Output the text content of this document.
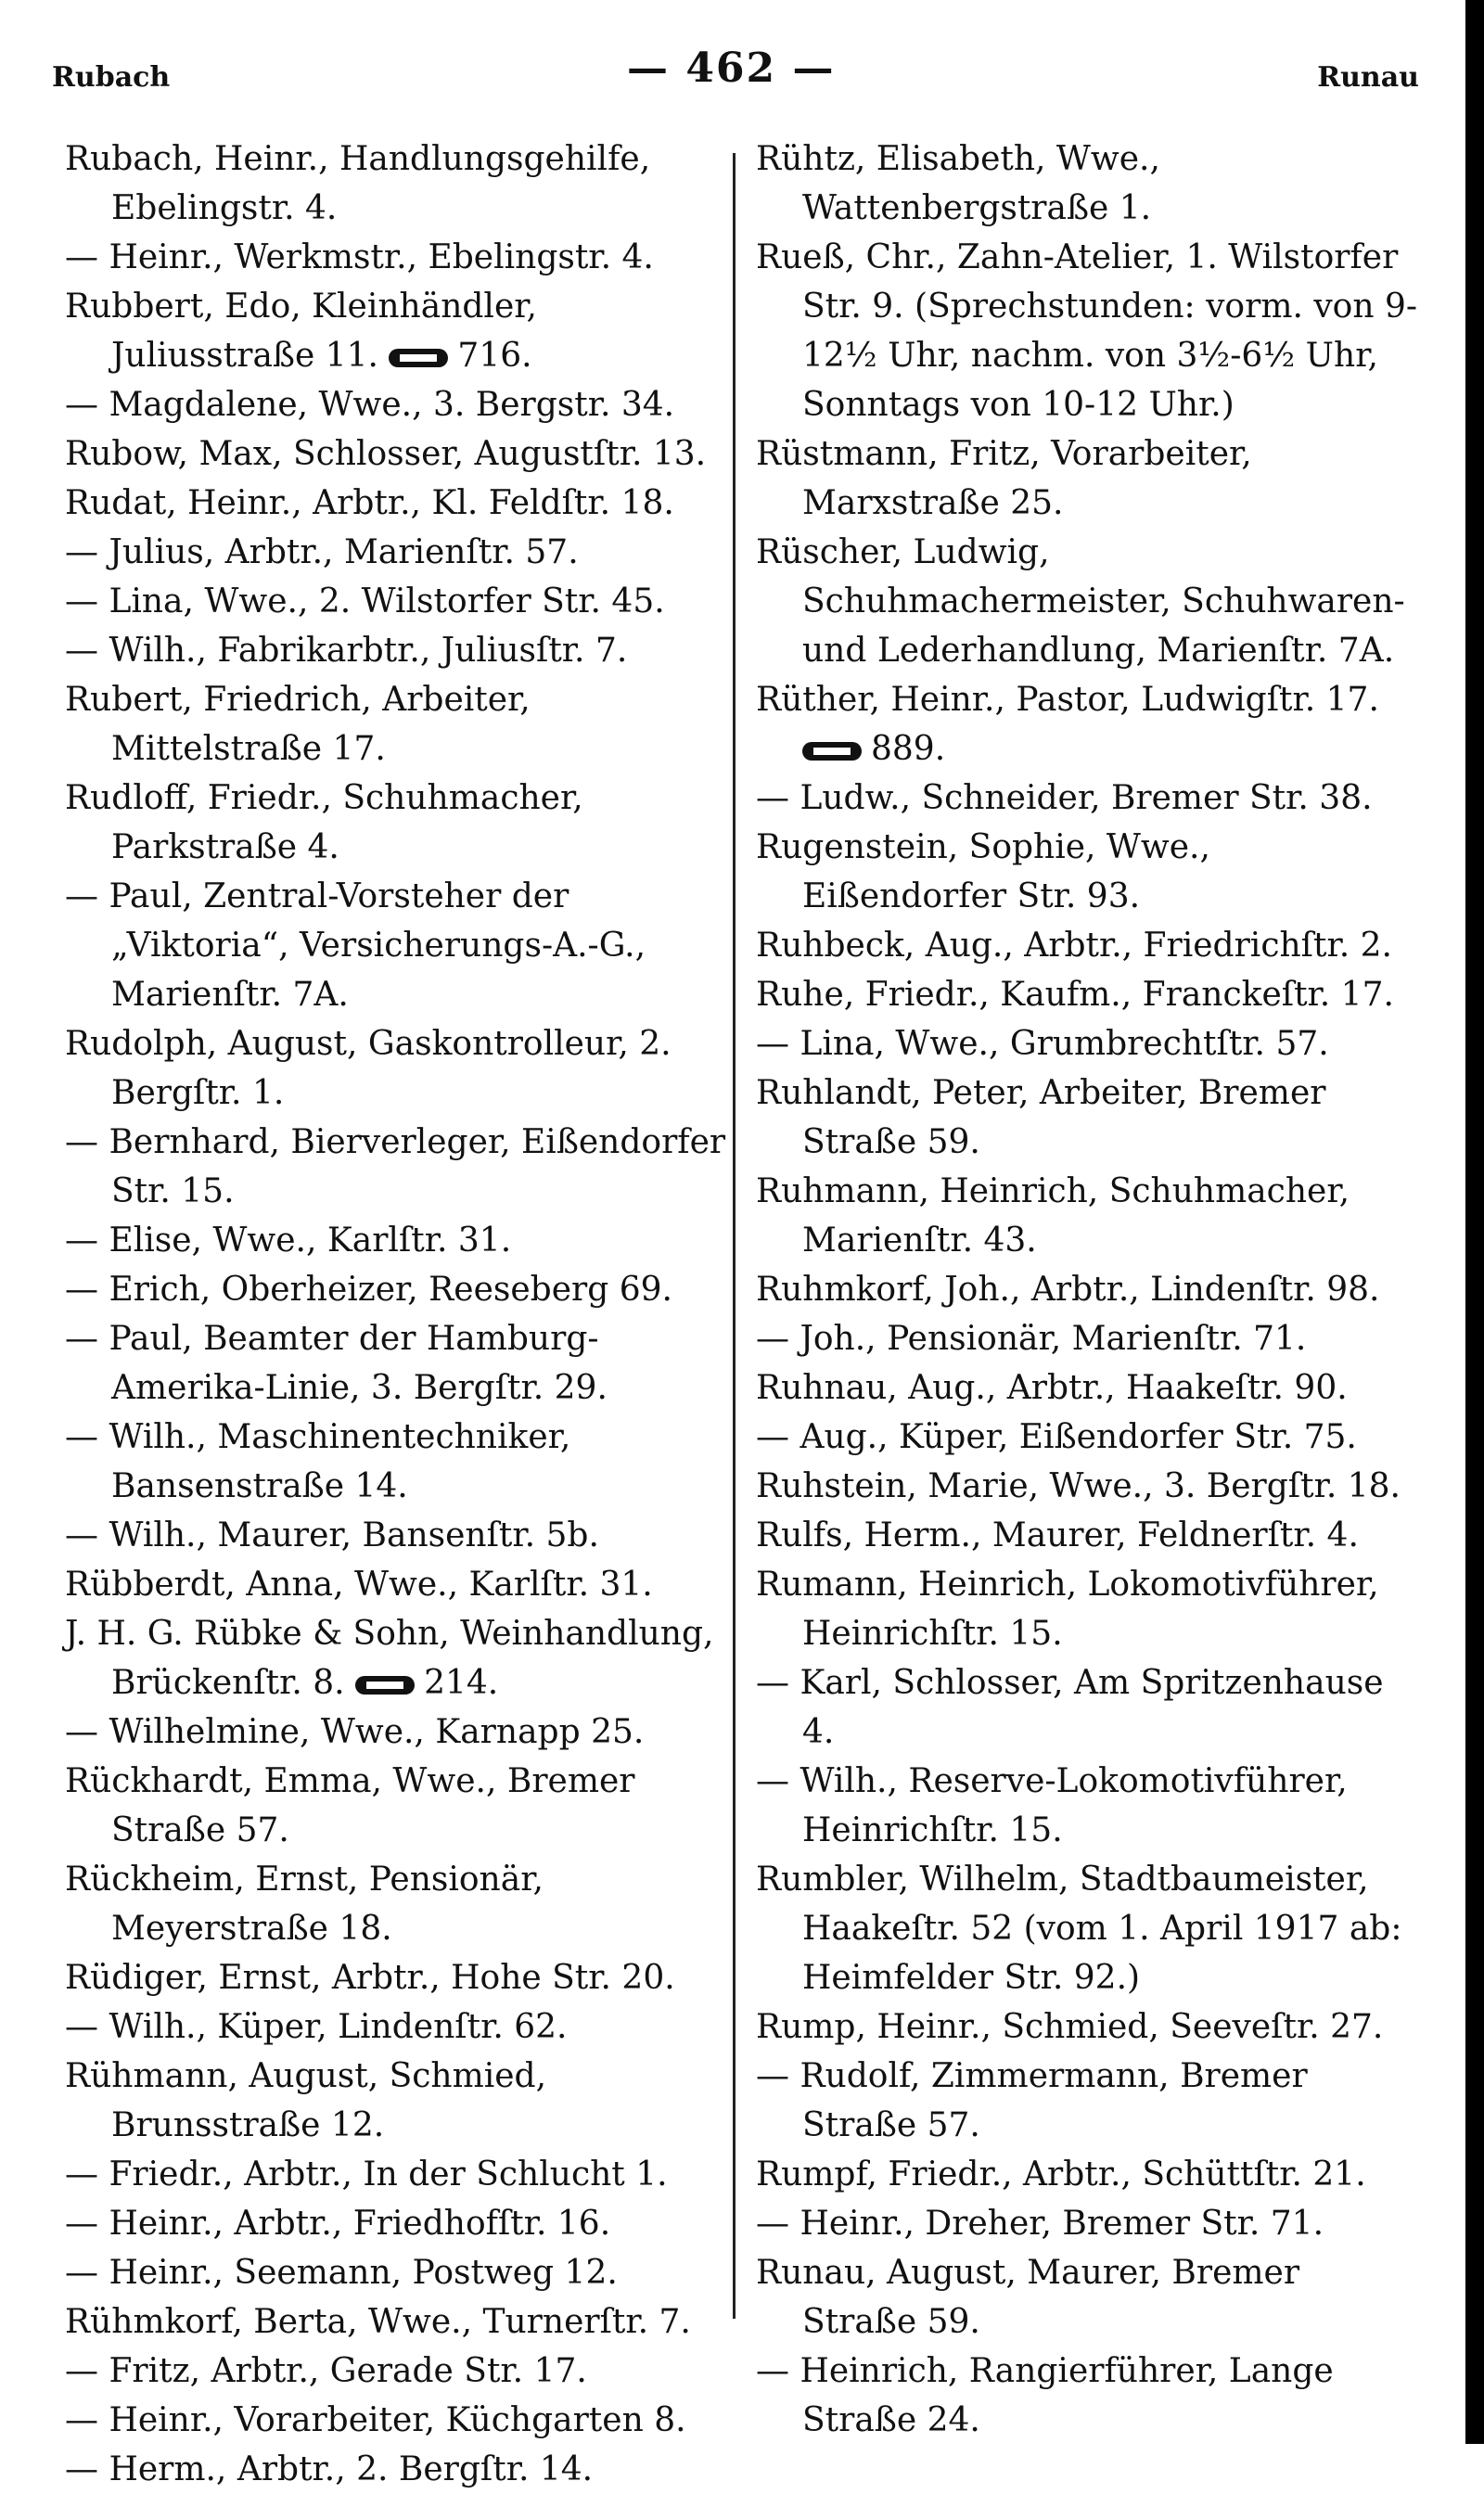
Rubach	— 462 —	Runau

Rubach, Heinr., Handlungsgehilfe, Ebelingstr. 4.

— Heinr., Werkmstr., Ebelingstr. 4.

Rubbert, Edo, Kleinhändler, Juliusstraße 11. 716.

— Magdalene, Wwe., 3. Bergstr. 34.

Rubow, Max, Schlosser, Augustſtr. 13.

Rudat, Heinr., Arbtr., Kl. Feldſtr. 18.

— Julius, Arbtr., Marienſtr. 57.

— Lina, Wwe., 2. Wilstorfer Str. 45.

— Wilh., Fabrikarbtr., Juliusſtr. 7.

Rubert, Friedrich, Arbeiter, Mittelstraße 17.

Rudloff, Friedr., Schuhmacher, Parkstraße 4.

— Paul, Zentral-Vorsteher der „Viktoria“, Versicherungs-A.-G., Marienſtr. 7A.

Rudolph, August, Gaskontrolleur, 2. Bergſtr. 1.

— Bernhard, Bierverleger, Eißendorfer Str. 15.

— Elise, Wwe., Karlſtr. 31.

— Erich, Oberheizer, Reeseberg 69.

— Paul, Beamter der Hamburg-Amerika-Linie, 3. Bergſtr. 29.

— Wilh., Maschinentechniker, Bansenstraße 14.

— Wilh., Maurer, Bansenſtr. 5b.

Rübberdt, Anna, Wwe., Karlſtr. 31.

J. H. G. Rübke & Sohn, Weinhandlung, Brückenſtr. 8. 214.

— Wilhelmine, Wwe., Karnapp 25.

Rückhardt, Emma, Wwe., Bremer Straße 57.

Rückheim, Ernst, Pensionär, Meyerstraße 18.

Rüdiger, Ernst, Arbtr., Hohe Str. 20.

— Wilh., Küper, Lindenſtr. 62.

Rühmann, August, Schmied, Brunsstraße 12.

— Friedr., Arbtr., In der Schlucht 1.

— Heinr., Arbtr., Friedhofſtr. 16.

— Heinr., Seemann, Postweg 12.

Rühmkorf, Berta, Wwe., Turnerſtr. 7.

— Fritz, Arbtr., Gerade Str. 17.

— Heinr., Vorarbeiter, Küchgarten 8.

— Herm., Arbtr., 2. Bergſtr. 14.

Rühtz, Elisabeth, Wwe., Wattenbergstraße 1.

Rueß, Chr., Zahn-Atelier, 1. Wilstorfer Str. 9. (Sprechstunden: vorm. von 9-12½ Uhr, nachm. von 3½-6½ Uhr, Sonntags von 10-12 Uhr.)

Rüstmann, Fritz, Vorarbeiter, Marxstraße 25.

Rüscher, Ludwig, Schuhmachermeister, Schuhwaren- und Lederhandlung, Marienſtr. 7A.

Rüther, Heinr., Pastor, Ludwigſtr. 17. 889.

— Ludw., Schneider, Bremer Str. 38.

Rugenstein, Sophie, Wwe., Eißendorfer Str. 93.

Ruhbeck, Aug., Arbtr., Friedrichſtr. 2.

Ruhe, Friedr., Kaufm., Franckeſtr. 17.

— Lina, Wwe., Grumbrechtſtr. 57.

Ruhlandt, Peter, Arbeiter, Bremer Straße 59.

Ruhmann, Heinrich, Schuhmacher, Marienſtr. 43.

Ruhmkorf, Joh., Arbtr., Lindenſtr. 98.

— Joh., Pensionär, Marienſtr. 71.

Ruhnau, Aug., Arbtr., Haakeſtr. 90.

— Aug., Küper, Eißendorfer Str. 75.

Ruhstein, Marie, Wwe., 3. Bergſtr. 18.

Rulfs, Herm., Maurer, Feldnerſtr. 4.

Rumann, Heinrich, Lokomotivführer, Heinrichſtr. 15.

— Karl, Schlosser, Am Spritzenhause 4.

— Wilh., Reserve-Lokomotivführer, Heinrichſtr. 15.

Rumbler, Wilhelm, Stadtbaumeister, Haakeſtr. 52 (vom 1. April 1917 ab: Heimfelder Str. 92.)

Rump, Heinr., Schmied, Seeveſtr. 27.

— Rudolf, Zimmermann, Bremer Straße 57.

Rumpf, Friedr., Arbtr., Schüttſtr. 21.

— Heinr., Dreher, Bremer Str. 71.

Runau, August, Maurer, Bremer Straße 59.

— Heinrich, Rangierführer, Lange Straße 24.
